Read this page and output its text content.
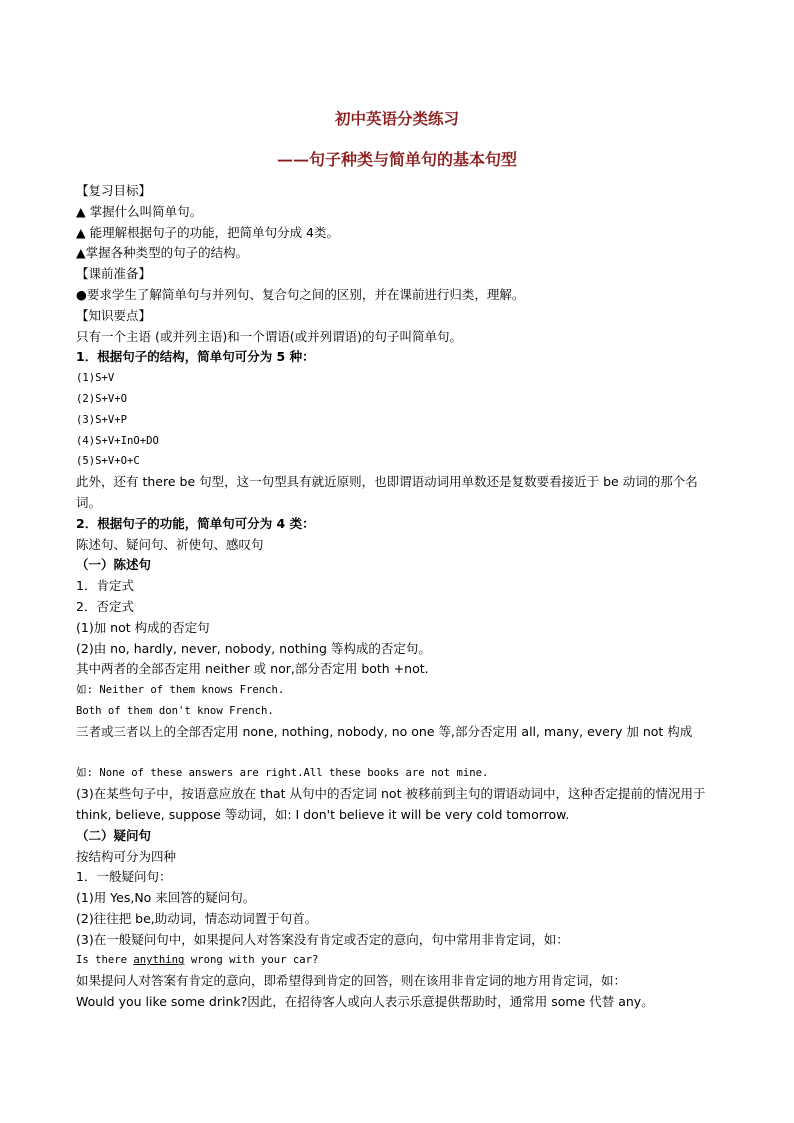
初中英语分类练习
——句子种类与简单句的基本句型
【复习目标】
▲ 掌握什么叫简单句。
▲ 能理解根据句子的功能，把简单句分成 4类。
▲掌握各种类型的句子的结构。
【课前准备】
●要求学生了解简单句与并列句、复合句之间的区别，并在课前进行归类，理解。
【知识要点】
只有一个主语 (或并列主语)和一个谓语(或并列谓语)的句子叫简单句。
1．根据句子的结构，简单句可分为 5 种：
(1)S+V
(2)S+V+O
(3)S+V+P
(4)S+V+InO+DO
(5)S+V+O+C
此外，还有 there be 句型，这一句型具有就近原则，也即谓语动词用单数还是复数要看接近于 be 动词的那个名词。
2．根据句子的功能，简单句可分为 4 类：
陈述句、疑问句、祈使句、感叹句
（一）陈述句
1．肯定式
2．否定式
(1)加 not 构成的否定句
(2)由 no, hardly, never, nobody, nothing 等构成的否定句。
其中两者的全部否定用 neither 或 nor,部分否定用 both +not.
如: Neither of them knows French.
Both of them don't know French.
三者或三者以上的全部否定用 none, nothing, nobody, no one 等,部分否定用 all, many, every 加 not 构成
如: None of these answers are right.All these books are not mine.
(3)在某些句子中，按语意应放在 that 从句中的否定词 not 被移前到主句的谓语动词中，这种否定提前的情况用于 think, believe, suppose 等动词，如: I don't believe it will be very cold tomorrow.
（二）疑问句
按结构可分为四种
1．一般疑问句：
(1)用 Yes,No 来回答的疑问句。
(2)往往把 be,助动词，情态动词置于句首。
(3)在一般疑问句中，如果提问人对答案没有肯定或否定的意向，句中常用非肯定词，如：
Is there anything wrong with your car?
如果提问人对答案有肯定的意向，即希望得到肯定的回答，则在该用非肯定词的地方用肯定词，如：
Would you like some drink?因此，在招待客人或向人表示乐意提供帮助时，通常用 some 代替 any。
